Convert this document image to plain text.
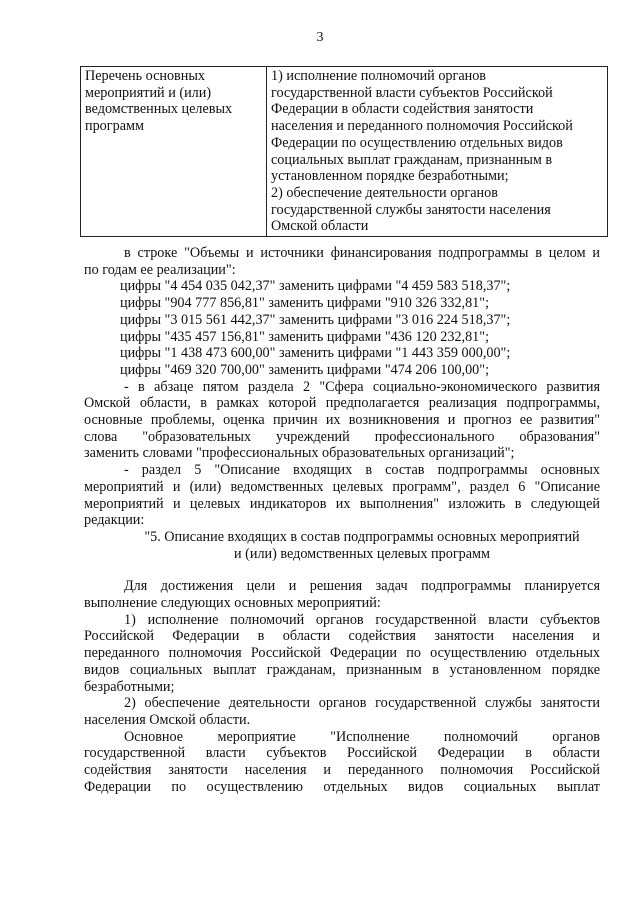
3
Перечень основных
мероприятий и (или)
ведомственных целевых
программ

1) исполнение полномочий органов
государственной власти субъектов Российской
Федерации в области содействия занятости
населения и переданного полномочия Российской
Федерации по осуществлению отдельных видов
социальных выплат гражданам, признанным в
установленном порядке безработными;
2) обеспечение деятельности органов
государственной службы занятости населения
Омской области
в строке "Объемы и источники финансирования подпрограммы в целом и
по годам ее реализации":
цифры "4 454 035 042,37" заменить цифрами "4 459 583 518,37";
цифры "904 777 856,81" заменить цифрами "910 326 332,81";
цифры "3 015 561 442,37" заменить цифрами "3 016 224 518,37";
цифры "435 457 156,81" заменить цифрами "436 120 232,81";
цифры "1 438 473 600,00" заменить цифрами "1 443 359 000,00";
цифры "469 320 700,00" заменить цифрами "474 206 100,00";
- в абзаце пятом раздела 2 "Сфера социально-экономического развития
Омской области, в рамках которой предполагается реализация подпрограммы,
основные проблемы, оценка причин их возникновения и прогноз ее развития"
слова "образовательных учреждений профессионального образования"
заменить словами "профессиональных образовательных организаций";
- раздел 5 "Описание входящих в состав подпрограммы основных
мероприятий и (или) ведомственных целевых программ", раздел 6 "Описание
мероприятий и целевых индикаторов их выполнения" изложить в следующей
редакции:
"5. Описание входящих в состав подпрограммы основных мероприятий
и (или) ведомственных целевых программ
Для достижения цели и решения задач подпрограммы планируется
выполнение следующих основных мероприятий:
1) исполнение полномочий органов государственной власти субъектов
Российской Федерации в области содействия занятости населения и
переданного полномочия Российской Федерации по осуществлению отдельных
видов социальных выплат гражданам, признанным в установленном порядке
безработными;
2) обеспечение деятельности органов государственной службы занятости
населения Омской области.
Основное мероприятие "Исполнение полномочий органов
государственной власти субъектов Российской Федерации в области
содействия занятости населения и переданного полномочия Российской
Федерации по осуществлению отдельных видов социальных выплат
